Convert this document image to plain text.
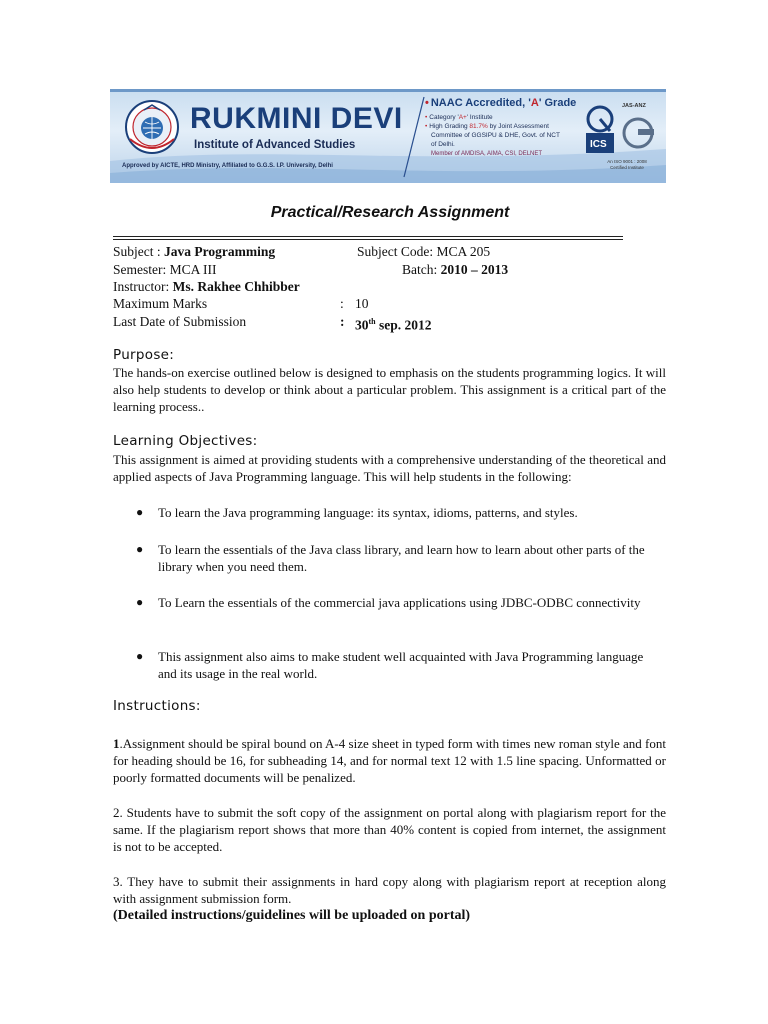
RUKMINI DEVI
Institute of Advanced Studies
Approved by AICTE, HRD Ministry, Affiliated to G.G.S. I.P. University, Delhi
• NAAC Accredited, 'A' Grade
• Category 'A+' Institute
• High Grading 81.7% by Joint Assessment
Committee of GGSIPU & DHE, Govt. of NCT
of Delhi.
Member of AMDISA, AIMA, CSI, DELNET
JAS-ANZ
ICS
An ISO 9001 : 2008
Certified Institute
Practical/Research Assignment
Subject : Java Programming	Subject Code: MCA 205
Semester: MCA III	Batch: 2010 – 2013
Instructor: Ms. Rakhee Chhibber
Maximum Marks	: 10
Last Date of Submission	: 30th sep. 2012
Purpose:
The hands-on exercise outlined below is designed to emphasis on the students programming logics. It will also help students to develop or think about a particular problem. This assignment is a critical part of the learning process..
Learning Objectives:
This assignment is aimed at providing students with a comprehensive understanding of the theoretical and applied aspects of Java Programming language. This will help students in the following:
● To learn the Java programming language: its syntax, idioms, patterns, and styles.
● To learn the essentials of the Java class library, and learn how to learn about other parts of the library when you need them.
● To Learn the essentials of the commercial java applications using JDBC-ODBC connectivity
● This assignment also aims to make student well acquainted with Java Programming language and its usage in the real world.
Instructions:
1.Assignment should be spiral bound on A-4 size sheet in typed form with times new roman style and font for heading should be 16, for subheading 14, and for normal text 12 with 1.5 line spacing. Unformatted or poorly formatted documents will be penalized.
2. Students have to submit the soft copy of the assignment on portal along with plagiarism report for the same. If the plagiarism report shows that more than 40% content is copied from internet, the assignment is not to be accepted.
3. They have to submit their assignments in hard copy along with plagiarism report at reception along with assignment submission form.
(Detailed instructions/guidelines will be uploaded on portal)
